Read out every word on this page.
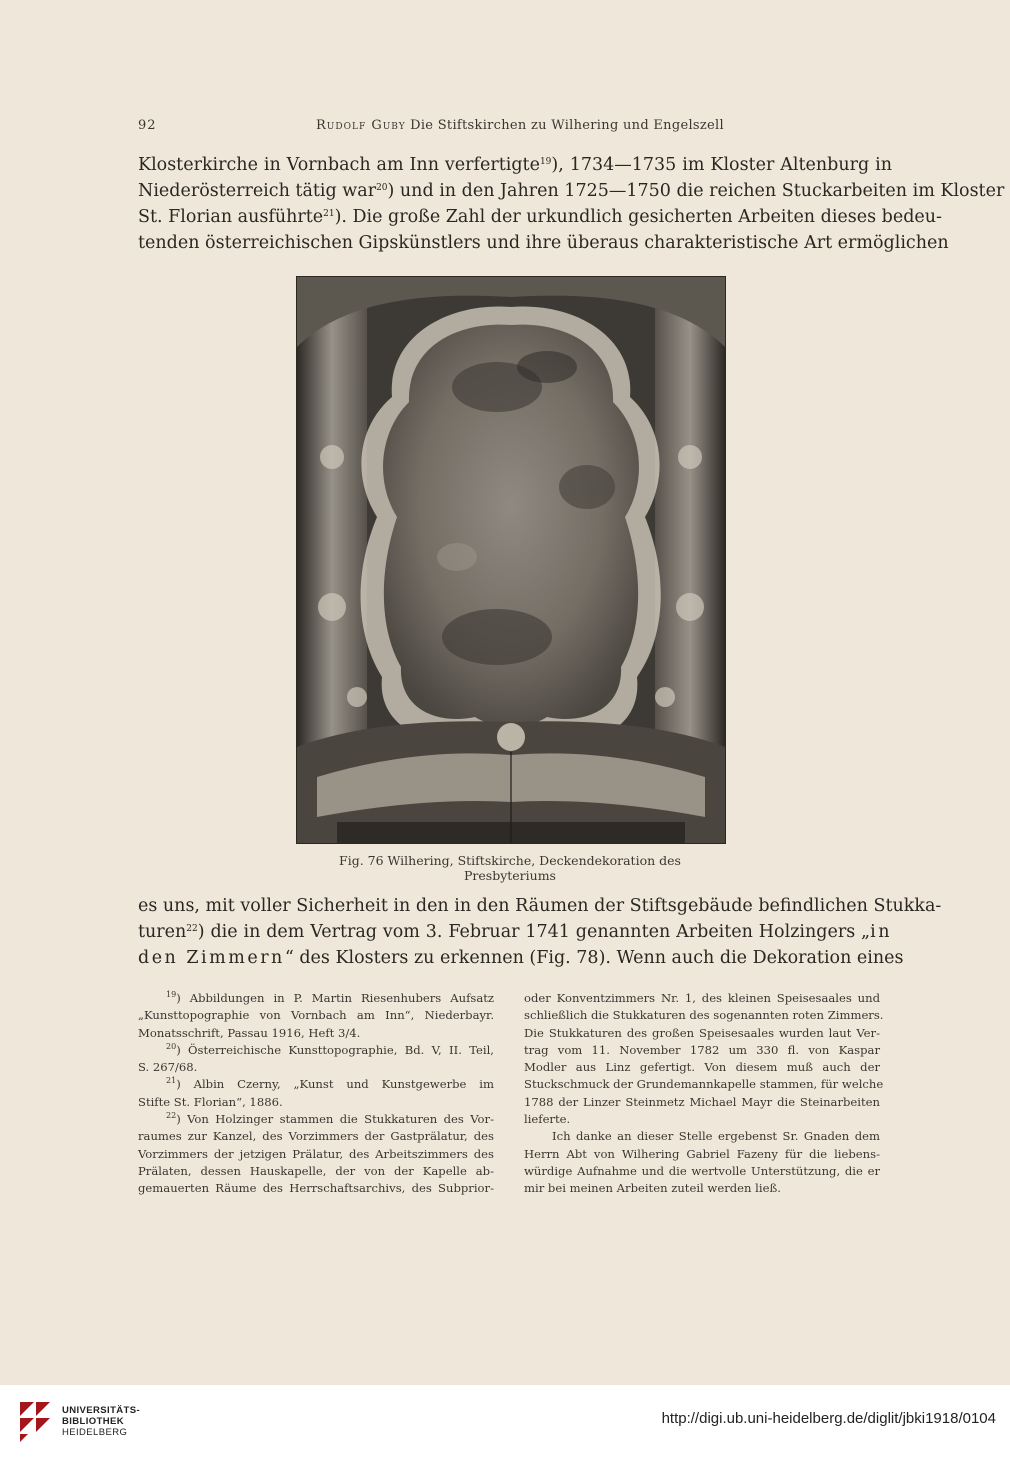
92	Rudolf Guby Die Stiftskirchen zu Wilhering und Engelszell
Klosterkirche in Vornbach am Inn verfertigte$^{19}$), 1734—1735 im Kloster Altenburg in
Niederösterreich tätig war$^{20}$) und in den Jahren 1725—1750 die reichen Stuckarbeiten im Kloster
St. Florian ausführte$^{21}$). Die große Zahl der urkundlich gesicherten Arbeiten dieses bedeu-
tenden österreichischen Gipskünstlers und ihre überaus charakteristische Art ermöglichen
Fig. 76 Wilhering, Stiftskirche, Deckendekoration des Presbyteriums
es uns, mit voller Sicherheit in den in den Räumen der Stiftsgebäude befindlichen Stukka-
turen$^{22}$) die in dem Vertrag vom 3. Februar 1741 genannten Arbeiten Holzingers „in
den Zimmern“ des Klosters zu erkennen (Fig. 78). Wenn auch die Dekoration eines
$^{19}$) Abbildungen in P. Martin Riesenhubers Aufsatz
„Kunsttopographie von Vornbach am Inn“, Niederbayr.
Monatsschrift, Passau 1916, Heft 3/4.
$^{20}$) Österreichische Kunsttopographie, Bd. V, II. Teil,
S. 267/68.
$^{21}$) Albin Czerny, „Kunst und Kunstgewerbe im
Stifte St. Florian“, 1886.
$^{22}$) Von Holzinger stammen die Stukkaturen des Vor-
raumes zur Kanzel, des Vorzimmers der Gastprälatur, des
Vorzimmers der jetzigen Prälatur, des Arbeitszimmers des
Prälaten, dessen Hauskapelle, der von der Kapelle ab-
gemauerten Räume des Herrschaftsarchivs, des Subprior-
oder Konventzimmers Nr. 1, des kleinen Speisesaales und
schließlich die Stukkaturen des sogenannten roten Zimmers.
Die Stukkaturen des großen Speisesaales wurden laut Ver-
trag vom 11. November 1782 um 330 fl. von Kaspar
Modler aus Linz gefertigt. Von diesem muß auch der
Stuckschmuck der Grundemannkapelle stammen, für welche
1788 der Linzer Steinmetz Michael Mayr die Steinarbeiten
lieferte.
Ich danke an dieser Stelle ergebenst Sr. Gnaden dem
Herrn Abt von Wilhering Gabriel Fazeny für die liebens-
würdige Aufnahme und die wertvolle Unterstützung, die er
mir bei meinen Arbeiten zuteil werden ließ.
UNIVERSITÄTS-
BIBLIOTHEK
HEIDELBERG
http://digi.ub.uni-heidelberg.de/diglit/jbki1918/0104
